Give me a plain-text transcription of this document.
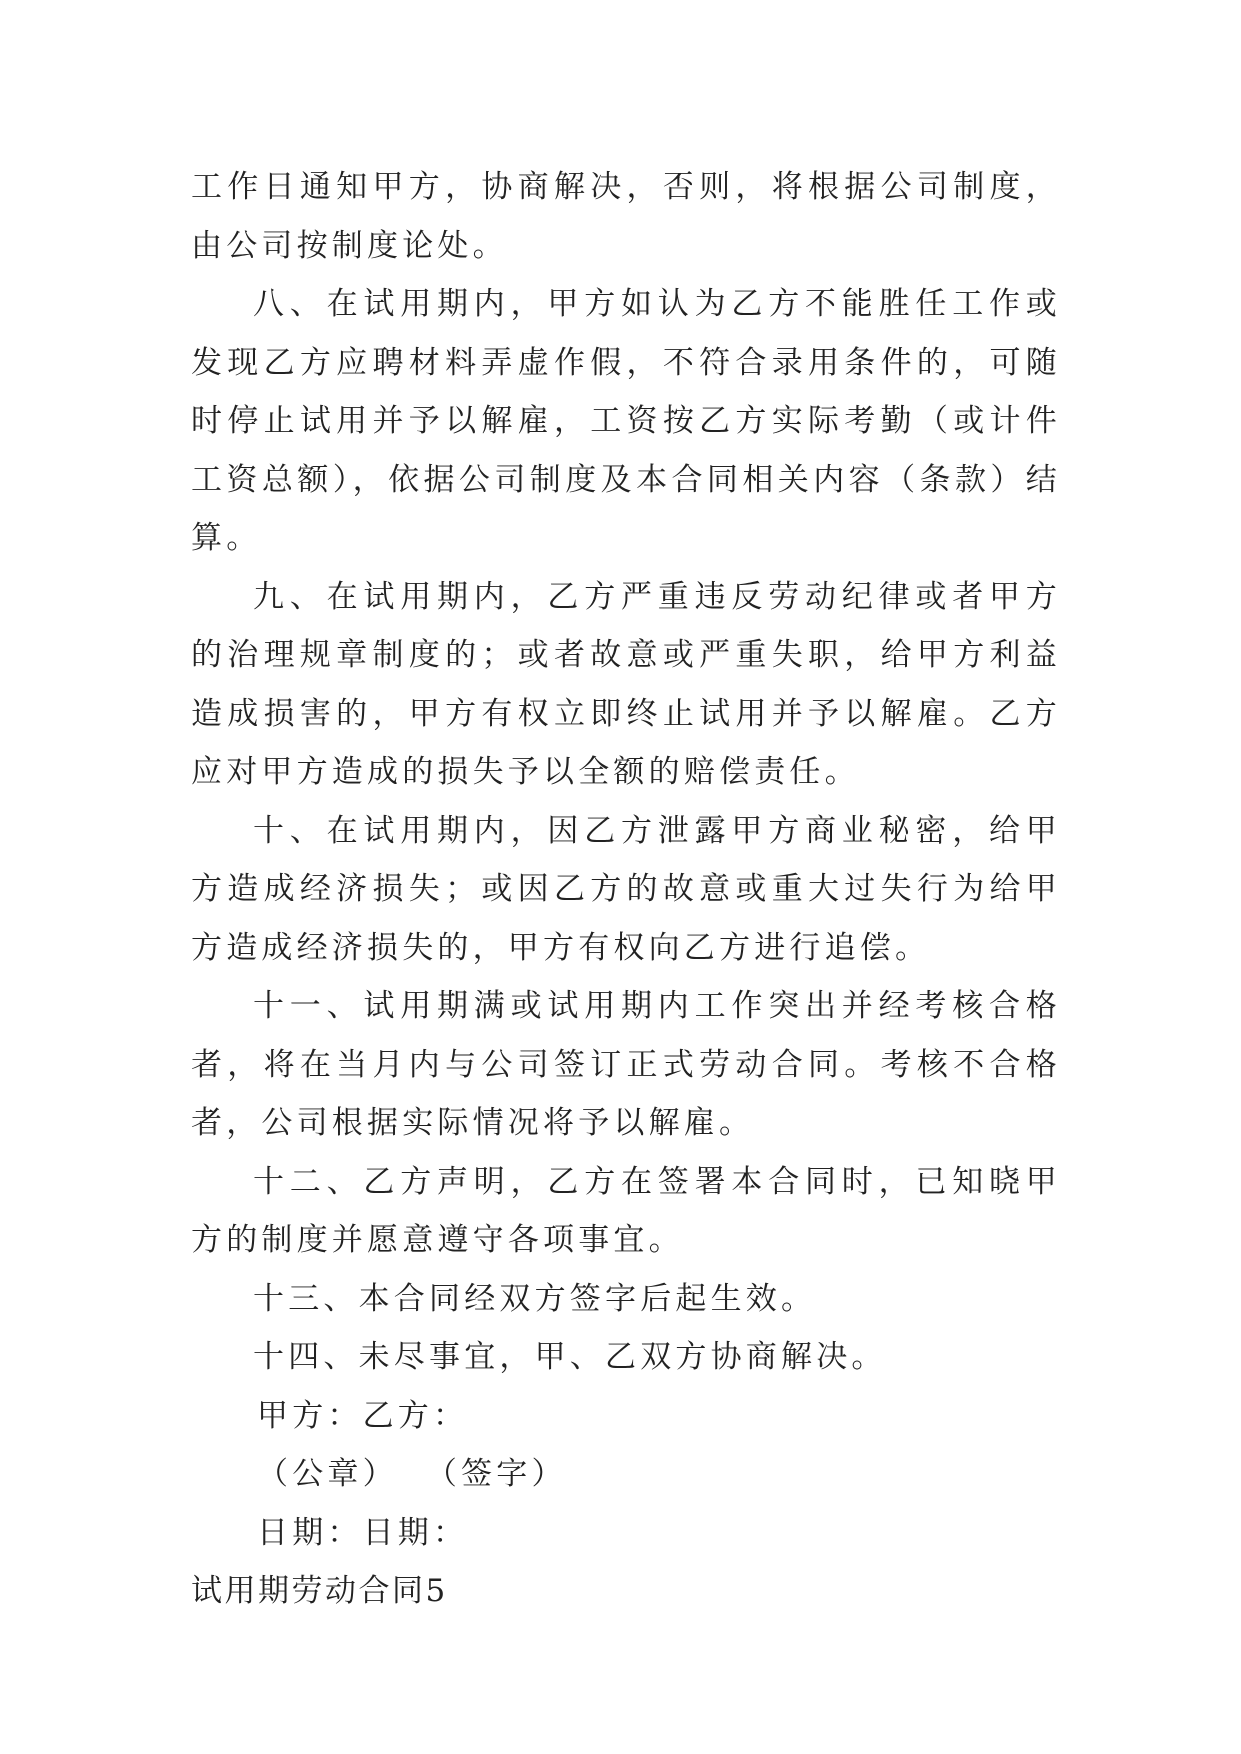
工作日通知甲方，协商解决，否则，将根据公司制度，由公司按制度论处。

八、在试用期内，甲方如认为乙方不能胜任工作或发现乙方应聘材料弄虚作假，不符合录用条件的，可随时停止试用并予以解雇，工资按乙方实际考勤（或计件工资总额），依据公司制度及本合同相关内容（条款）结算。

九、在试用期内，乙方严重违反劳动纪律或者甲方的治理规章制度的；或者故意或严重失职，给甲方利益造成损害的，甲方有权立即终止试用并予以解雇。乙方应对甲方造成的损失予以全额的赔偿责任。

十、在试用期内，因乙方泄露甲方商业秘密，给甲方造成经济损失；或因乙方的故意或重大过失行为给甲方造成经济损失的，甲方有权向乙方进行追偿。

十一、试用期满或试用期内工作突出并经考核合格者，将在当月内与公司签订正式劳动合同。考核不合格者，公司根据实际情况将予以解雇。

十二、乙方声明，乙方在签署本合同时，已知晓甲方的制度并愿意遵守各项事宜。

十三、本合同经双方签字后起生效。

十四、未尽事宜，甲、乙双方协商解决。

甲方：乙方：

（公章）  （签字）

日期：日期：

试用期劳动合同5
